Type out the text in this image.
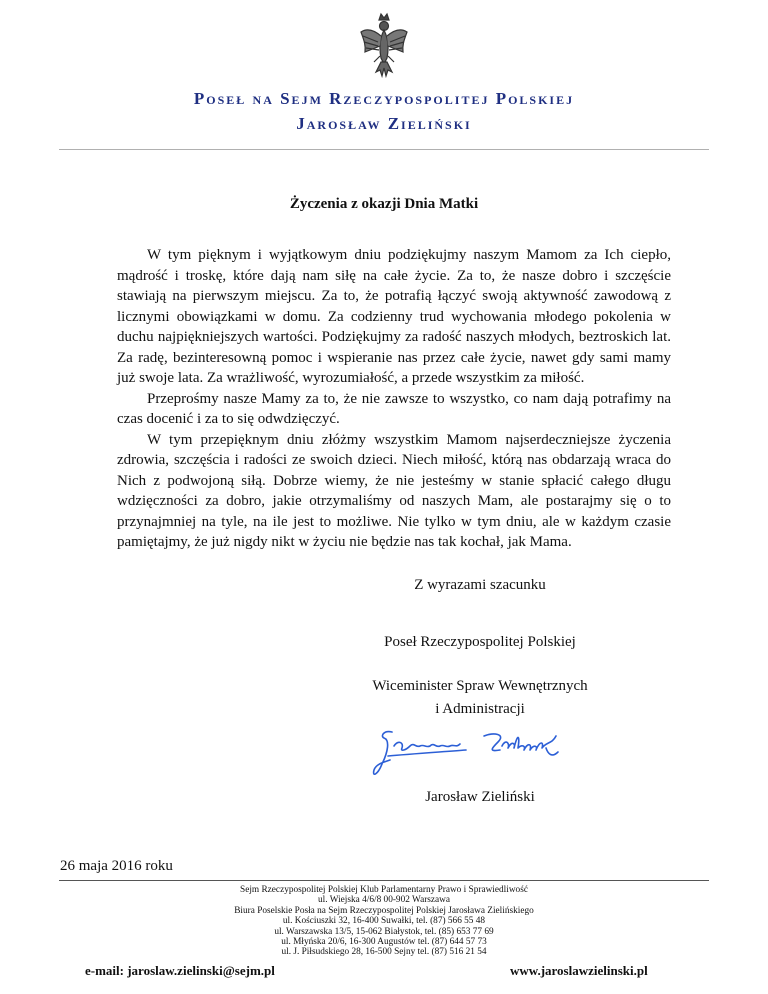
Poseł na Sejm Rzeczypospolitej Polskiej
Jarosław Zieliński
Życzenia z okazji Dnia Matki

W tym pięknym i wyjątkowym dniu podziękujmy naszym Mamom za Ich ciepło, mądrość i troskę, które dają nam siłę na całe życie. Za to, że nasze dobro i szczęście stawiają na pierwszym miejscu. Za to, że potrafią łączyć swoją aktywność zawodową z licznymi obowiązkami w domu. Za codzienny trud wychowania młodego pokolenia w duchu najpiękniejszych wartości. Podziękujmy za radość naszych młodych, beztroskich lat. Za radę, bezinteresowną pomoc i wspieranie nas przez całe życie, nawet gdy sami mamy już swoje lata. Za wrażliwość, wyrozumiałość, a przede wszystkim za miłość.

Przeprośmy nasze Mamy za to, że nie zawsze to wszystko, co nam dają potrafimy na czas docenić i za to się odwdzięczyć.

W tym przepięknym dniu złóżmy wszystkim Mamom najserdeczniejsze życzenia zdrowia, szczęścia i radości ze swoich dzieci. Niech miłość, którą nas obdarzają wraca do Nich z podwojoną siłą. Dobrze wiemy, że nie jesteśmy w stanie spłacić całego długu wdzięczności za dobro, jakie otrzymaliśmy od naszych Mam, ale postarajmy się o to przynajmniej na tyle, na ile jest to możliwe. Nie tylko w tym dniu, ale w każdym czasie pamiętajmy, że już nigdy nikt w życiu nie będzie nas tak kochał, jak Mama.

Z wyrazami szacunku
Poseł Rzeczypospolitej Polskiej
Wiceminister Spraw Wewnętrznych
i Administracji
Jarosław Zieliński
26 maja 2016 roku
Sejm Rzeczypospolitej Polskiej Klub Parlamentarny Prawo i Sprawiedliwość
ul. Wiejska 4/6/8 00-902 Warszawa
Biura Poselskie Posła na Sejm Rzeczypospolitej Polskiej Jarosława Zielińskiego
ul. Kościuszki 32, 16-400 Suwałki, tel. (87) 566 55 48
ul. Warszawska 13/5, 15-062 Białystok, tel. (85) 653 77 69
ul. Młyńska 20/6, 16-300 Augustów tel. (87) 644 57 73
ul. J. Piłsudskiego 28, 16-500 Sejny tel. (87) 516 21 54
e-mail: jaroslaw.zielinski@sejm.pl	www.jaroslawzielinski.pl
